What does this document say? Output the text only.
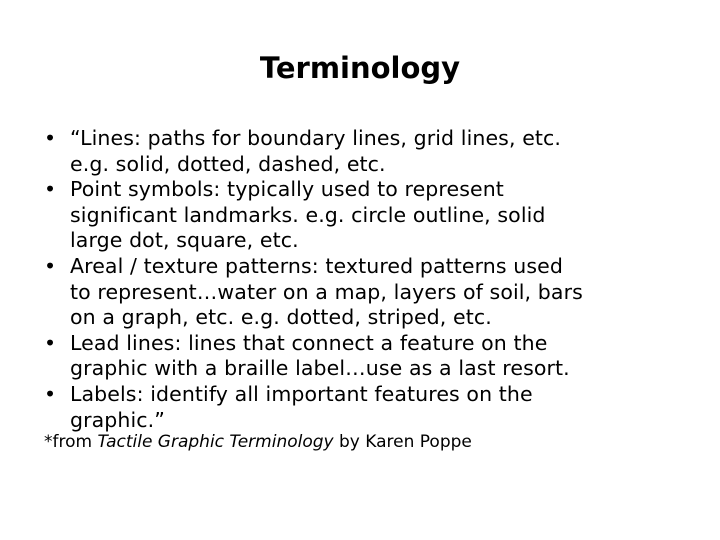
Terminology
• “Lines: paths for boundary lines, grid lines, etc.
e.g. solid, dotted, dashed, etc.
• Point symbols: typically used to represent
significant landmarks. e.g. circle outline, solid
large dot, square, etc.
• Areal / texture patterns: textured patterns used
to represent…water on a map, layers of soil, bars
on a graph, etc. e.g. dotted, striped, etc.
• Lead lines: lines that connect a feature on the
graphic with a braille label…use as a last resort.
• Labels: identify all important features on the
graphic.”
*from Tactile Graphic Terminology by Karen Poppe
